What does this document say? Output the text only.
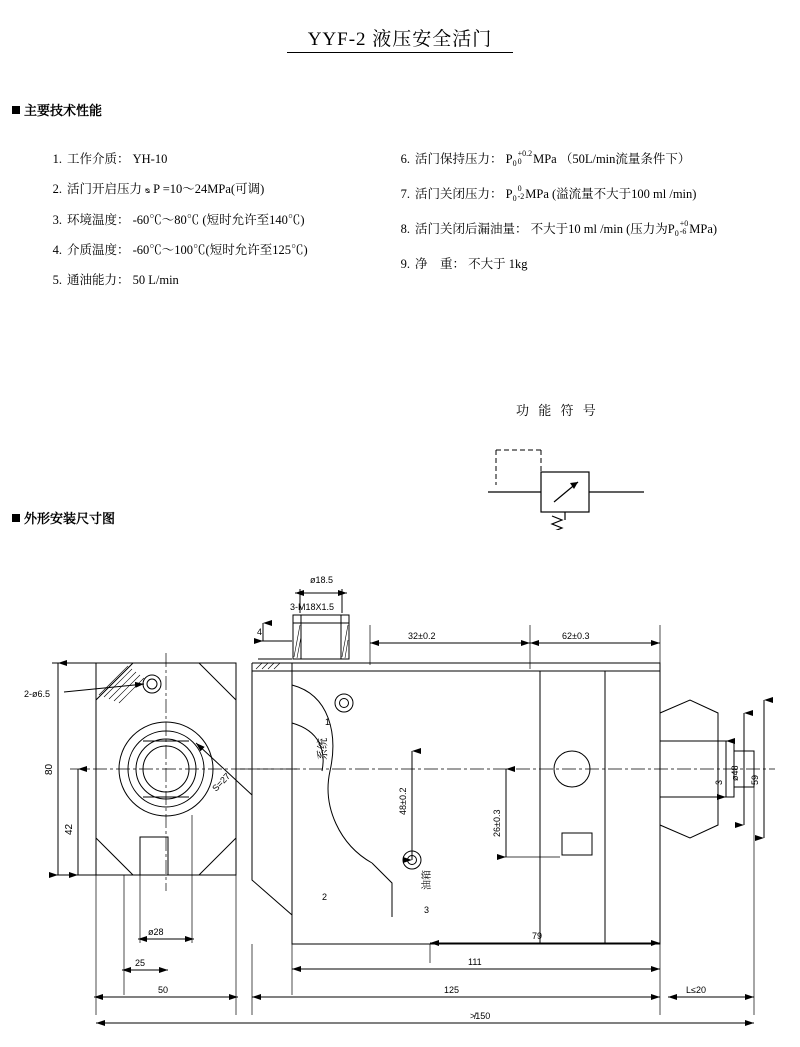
YYF-2 液压安全活门
主要技术性能
1. 工作介质： YH-10
2. 活门开启压力 ᴓ P =10～24MPa(可调)
3. 环境温度： -60℃～80℃ (短时允许至140℃)
4. 介质温度： -60℃～100℃(短时允许至125℃)
5. 通油能力： 50 L/min
6. 活门保持压力： $P_0$
+0.2
0 MPa （50L/min流量条件下）
7. 活门关闭压力： $P_0$
0
-2 MPa (溢流量不大于100 ml /min)
8. 活门关闭后漏油量： 不大于10 ml /min (压力为$P_0$
+0
-6 MPa)
9. 净　重： 不大于 1kg
功 能 符 号
外形安装尺寸图
ø18.5
3-M18X1.5
4
S=27
2-ø6.5
80
42
ø28
25
50
系统
1
2
油箱
3
32±0.2	62±0.3
48±0.2
26±0.3
ø48 59
3
79
111
125	L≤20
≯150
